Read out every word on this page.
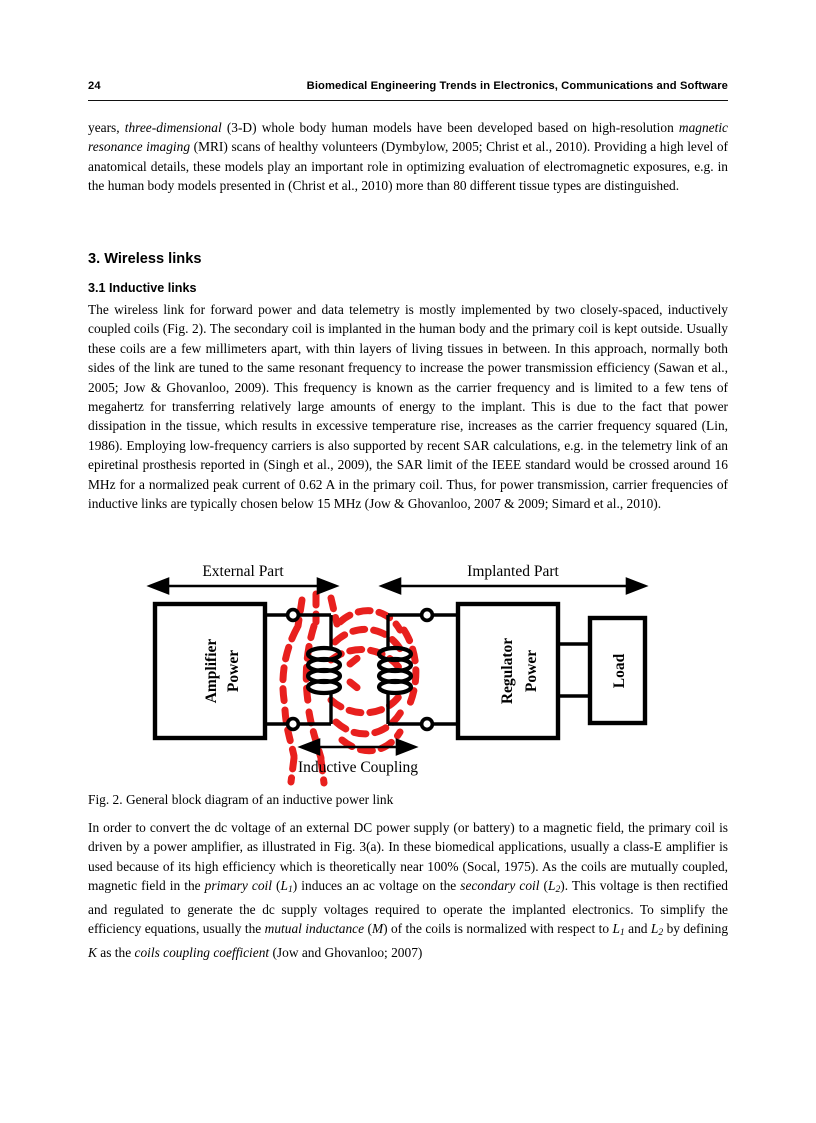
24	Biomedical Engineering Trends in Electronics, Communications and Software

years, three-dimensional (3-D) whole body human models have been developed based on high-resolution magnetic resonance imaging (MRI) scans of healthy volunteers (Dymbylow, 2005; Christ et al., 2010). Providing a high level of anatomical details, these models play an important role in optimizing evaluation of electromagnetic exposures, e.g. in the human body models presented in (Christ et al., 2010) more than 80 different tissue types are distinguished.

3. Wireless links
3.1 Inductive links

The wireless link for forward power and data telemetry is mostly implemented by two closely-spaced, inductively coupled coils (Fig. 2). The secondary coil is implanted in the human body and the primary coil is kept outside. Usually these coils are a few millimeters apart, with thin layers of living tissues in between. In this approach, normally both sides of the link are tuned to the same resonant frequency to increase the power transmission efficiency (Sawan et al., 2005; Jow & Ghovanloo, 2009). This frequency is known as the carrier frequency and is limited to a few tens of megahertz for transferring relatively large amounts of energy to the implant. This is due to the fact that power dissipation in the tissue, which results in excessive temperature rise, increases as the carrier frequency squared (Lin, 1986). Employing low-frequency carriers is also supported by recent SAR calculations, e.g. in the telemetry link of an epiretinal prosthesis reported in (Singh et al., 2009), the SAR limit of the IEEE standard would be crossed around 16 MHz for a normalized peak current of 0.62 A in the primary coil. Thus, for power transmission, carrier frequencies of inductive links are typically chosen below 15 MHz (Jow & Ghovanloo, 2007 & 2009; Simard et al., 2010).

External Part	Implanted Part
Power
Amplifier	Power
Regulator	Load
Inductive Coupling
Fig. 2. General block diagram of an inductive power link

In order to convert the dc voltage of an external DC power supply (or battery) to a magnetic field, the primary coil is driven by a power amplifier, as illustrated in Fig. 3(a). In these biomedical applications, usually a class-E amplifier is used because of its high efficiency which is theoretically near 100% (Socal, 1975). As the coils are mutually coupled, magnetic field in the primary coil $(L_1)$ induces an ac voltage on the secondary coil $(L_2)$. This voltage is then rectified and regulated to generate the dc supply voltages required to operate the implanted electronics. To simplify the efficiency equations, usually the mutual inductance (M) of the coils is normalized with respect to $L_1$ and $L_2$ by defining K as the coils coupling coefficient (Jow and Ghovanloo; 2007)
